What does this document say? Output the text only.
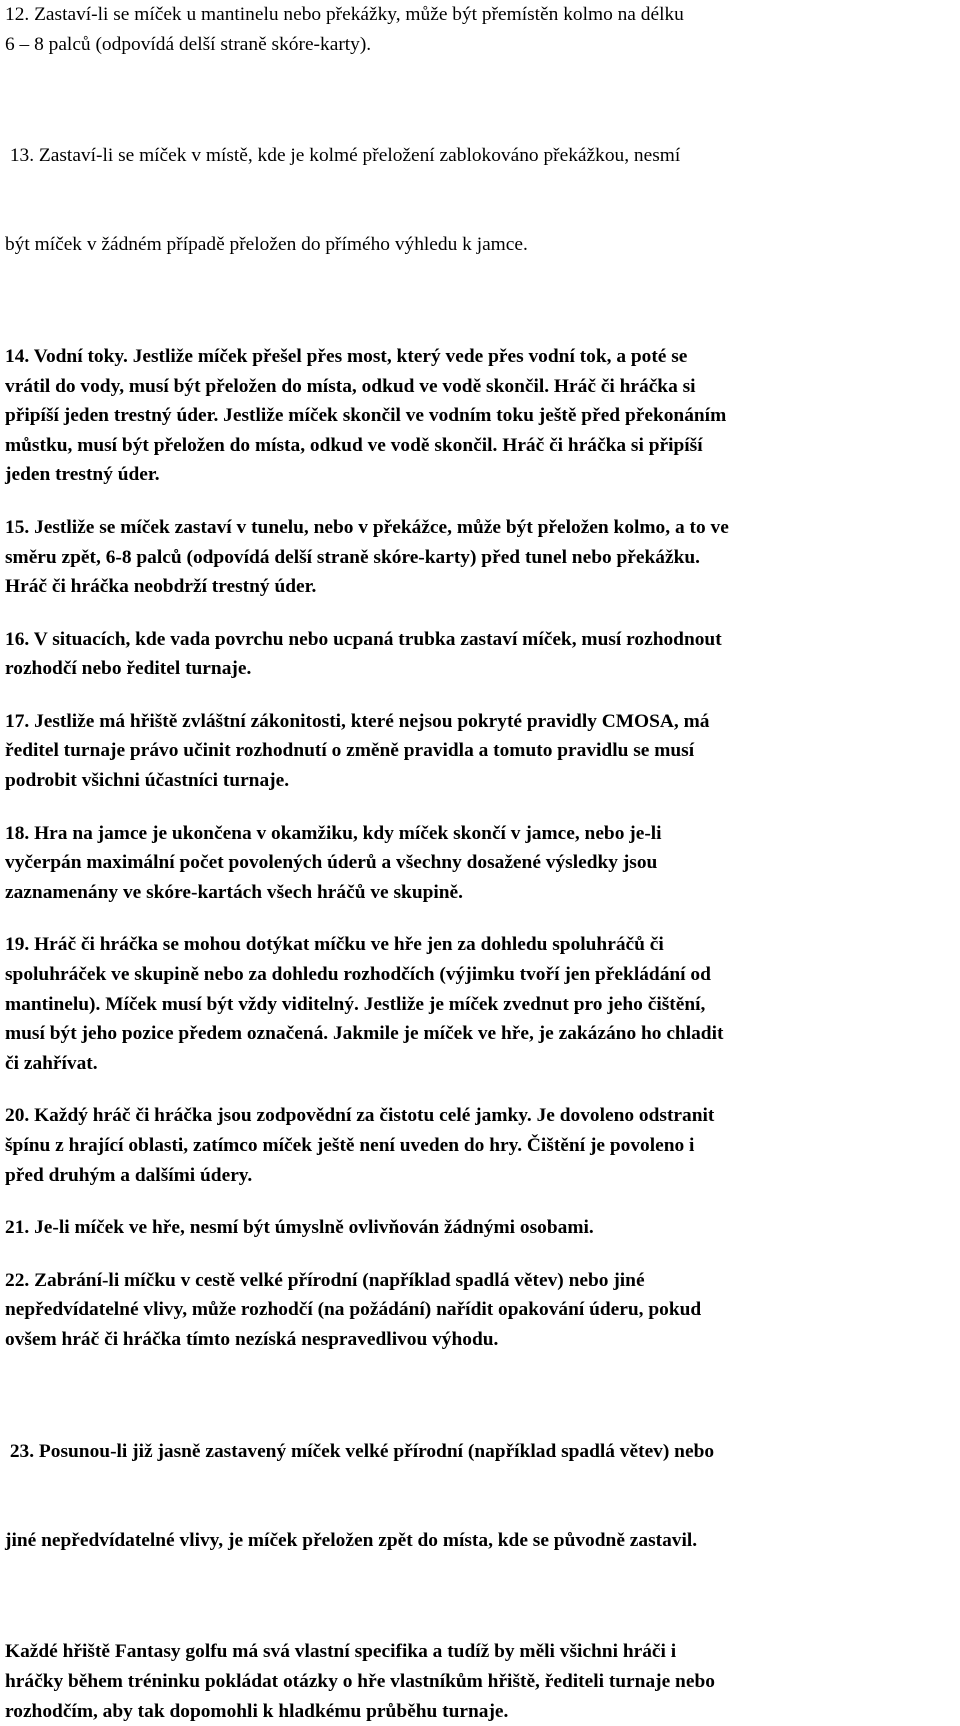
12. Zastaví-li se míček u mantinelu nebo překážky, může být přemístěn kolmo na délku
6 – 8 palců (odpovídá delší straně skóre-karty).

13. Zastaví-li se míček v místě, kde je kolmé přeložení zablokováno překážkou, nesmí

být míček v žádném případě přeložen do přímého výhledu k jamce.

14. Vodní toky. Jestliže míček přešel přes most, který vede přes vodní tok, a poté se
vrátil do vody, musí být přeložen do místa, odkud ve vodě skončil. Hráč či hráčka si
připíší jeden trestný úder. Jestliže míček skončil ve vodním toku ještě před překonáním
můstku, musí být přeložen do místa, odkud ve vodě skončil. Hráč či hráčka si připíší
jeden trestný úder.
15. Jestliže se míček zastaví v tunelu, nebo v překážce, může být přeložen kolmo, a to ve
směru zpět, 6-8 palců (odpovídá delší straně skóre-karty) před tunel nebo překážku.
Hráč či hráčka neobdrží trestný úder.
16. V situacích, kde vada povrchu nebo ucpaná trubka zastaví míček, musí rozhodnout
rozhodčí nebo ředitel turnaje.
17. Jestliže má hřiště zvláštní zákonitosti, které nejsou pokryté pravidly CMOSA, má
ředitel turnaje právo učinit rozhodnutí o změně pravidla a tomuto pravidlu se musí
podrobit všichni účastníci turnaje.
18. Hra na jamce je ukončena v okamžiku, kdy míček skončí v jamce, nebo je-li
vyčerpán maximální počet povolených úderů a všechny dosažené výsledky jsou
zaznamenány ve skóre-kartách všech hráčů ve skupině.
19. Hráč či hráčka se mohou dotýkat míčku ve hře jen za dohledu spoluhráčů či
spoluhráček ve skupině nebo za dohledu rozhodčích (výjimku tvoří jen překládání od
mantinelu). Míček musí být vždy viditelný. Jestliže je míček zvednut pro jeho čištění,
musí být jeho pozice předem označená. Jakmile je míček ve hře, je zakázáno ho chladit
či zahřívat.
20. Každý hráč či hráčka jsou zodpovědní za čistotu celé jamky. Je dovoleno odstranit
špínu z hrající oblasti, zatímco míček ještě není uveden do hry. Čištění je povoleno i
před druhým a dalšími údery.
21. Je-li míček ve hře, nesmí být úmyslně ovlivňován žádnými osobami.
22. Zabrání-li míčku v cestě velké přírodní (například spadlá větev) nebo jiné
nepředvídatelné vlivy, může rozhodčí (na požádání) nařídit opakování úderu, pokud
ovšem hráč či hráčka tímto nezíská nespravedlivou výhodu.

23. Posunou-li již jasně zastavený míček velké přírodní (například spadlá větev) nebo

jiné nepředvídatelné vlivy, je míček přeložen zpět do místa, kde se původně zastavil.

Každé hřiště Fantasy golfu má svá vlastní specifika a tudíž by měli všichni hráči i
hráčky během tréninku pokládat otázky o hře vlastníkům hřiště, řediteli turnaje nebo
rozhodčím, aby tak dopomohli k hladkému průběhu turnaje.
